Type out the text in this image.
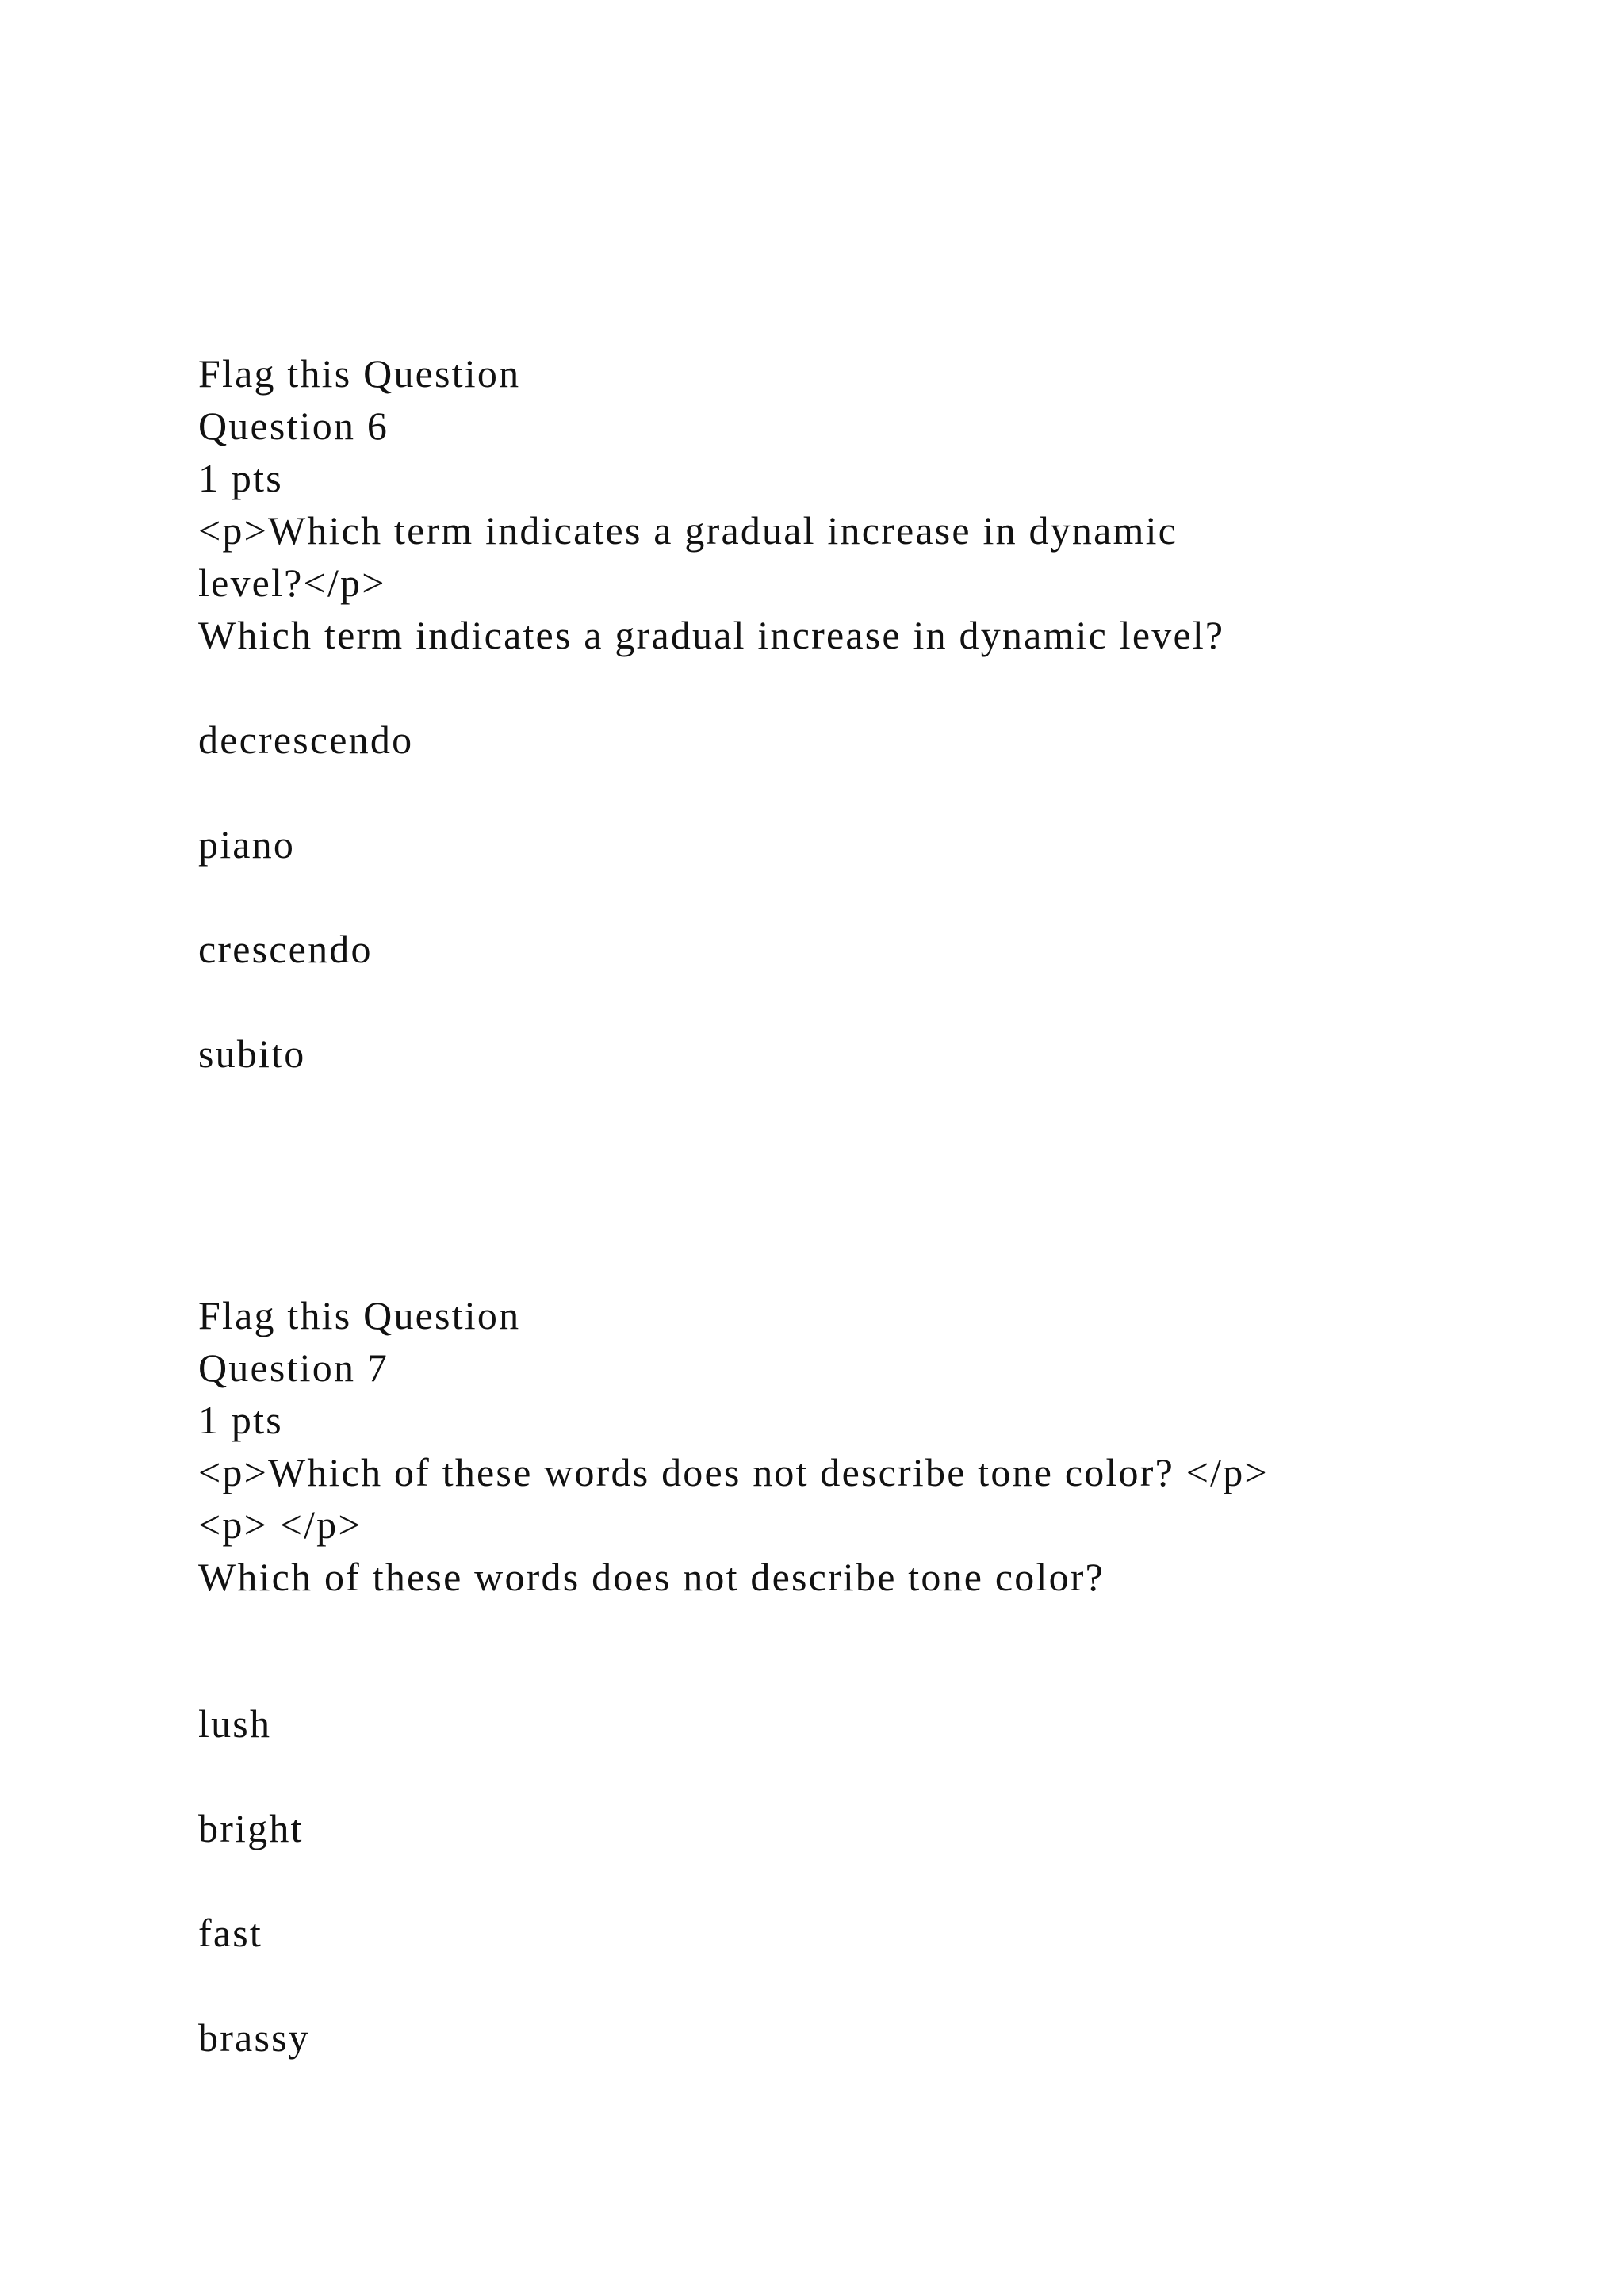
Flag this Question
Question 6
1 pts
<p>Which term indicates a gradual increase in dynamic
level?</p>
Which term indicates a gradual increase in dynamic level?
decrescendo
piano
crescendo
subito
Flag this Question
Question 7
1 pts
<p>Which of these words does not describe tone color? </p>
<p> </p>
Which of these words does not describe tone color?
lush
bright
fast
brassy
